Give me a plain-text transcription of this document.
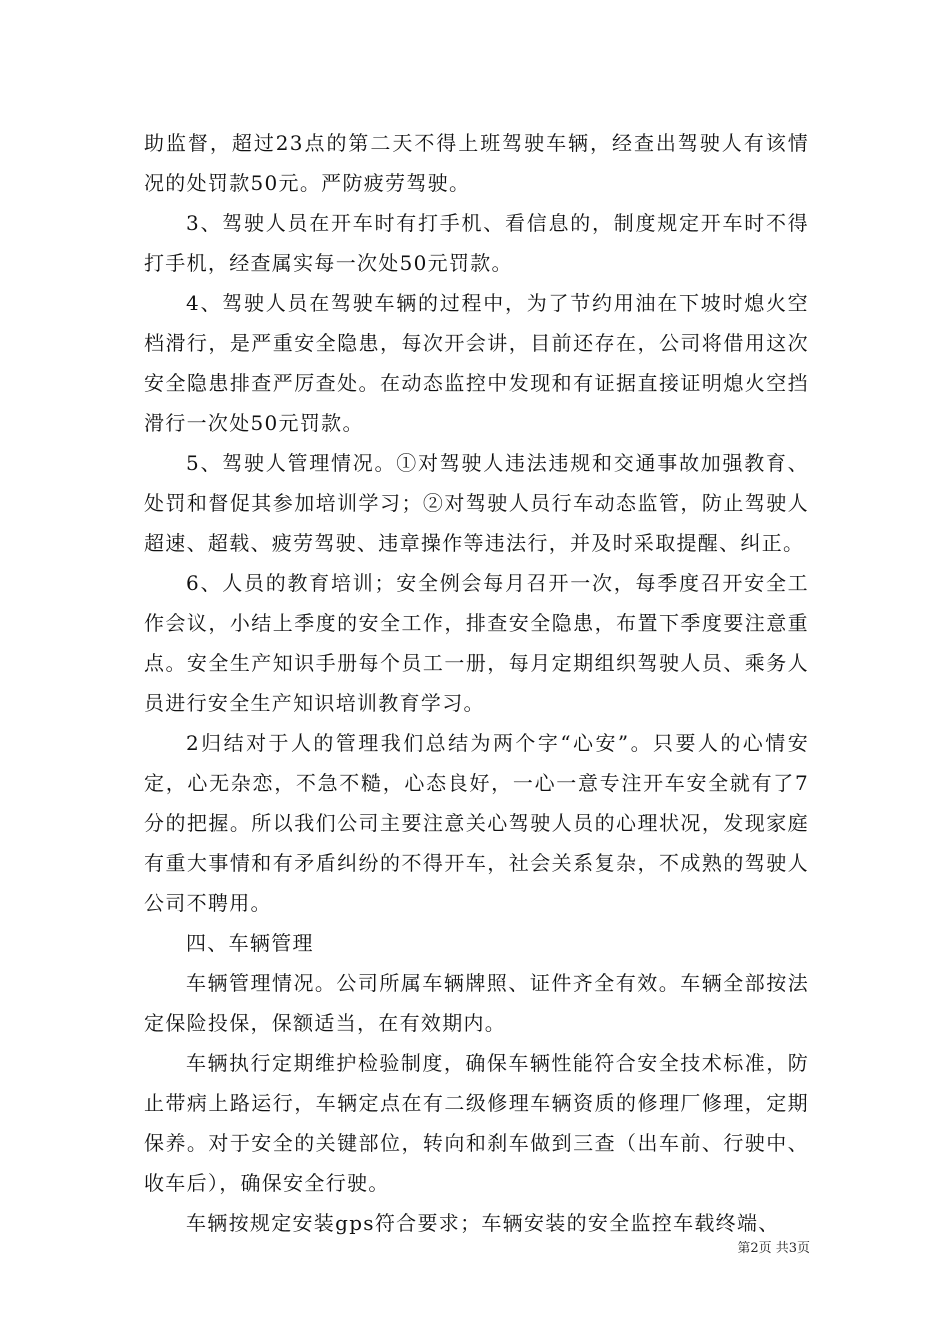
助监督，超过23点的第二天不得上班驾驶车辆，经查出驾驶人有该情况的处罚款50元。严防疲劳驾驶。

3、驾驶人员在开车时有打手机、看信息的，制度规定开车时不得打手机，经查属实每一次处50元罚款。

4、驾驶人员在驾驶车辆的过程中，为了节约用油在下坡时熄火空档滑行，是严重安全隐患，每次开会讲，目前还存在，公司将借用这次安全隐患排查严厉查处。在动态监控中发现和有证据直接证明熄火空挡滑行一次处50元罚款。

5、驾驶人管理情况。①对驾驶人违法违规和交通事故加强教育、处罚和督促其参加培训学习；②对驾驶人员行车动态监管，防止驾驶人超速、超载、疲劳驾驶、违章操作等违法行，并及时采取提醒、纠正。

6、人员的教育培训；安全例会每月召开一次，每季度召开安全工作会议，小结上季度的安全工作，排查安全隐患，布置下季度要注意重点。安全生产知识手册每个员工一册，每月定期组织驾驶人员、乘务人员进行安全生产知识培训教育学习。

2归结对于人的管理我们总结为两个字“心安”。只要人的心情安定，心无杂恋，不急不糙，心态良好，一心一意专注开车安全就有了7分的把握。所以我们公司主要注意关心驾驶人员的心理状况，发现家庭有重大事情和有矛盾纠纷的不得开车，社会关系复杂，不成熟的驾驶人公司不聘用。

四、车辆管理

车辆管理情况。公司所属车辆牌照、证件齐全有效。车辆全部按法定保险投保，保额适当，在有效期内。

车辆执行定期维护检验制度，确保车辆性能符合安全技术标准，防止带病上路运行，车辆定点在有二级修理车辆资质的修理厂修理，定期保养。对于安全的关键部位，转向和刹车做到三查（出车前、行驶中、收车后），确保安全行驶。

车辆按规定安装gps符合要求；车辆安装的安全监控车载终端、

第2页 共3页
